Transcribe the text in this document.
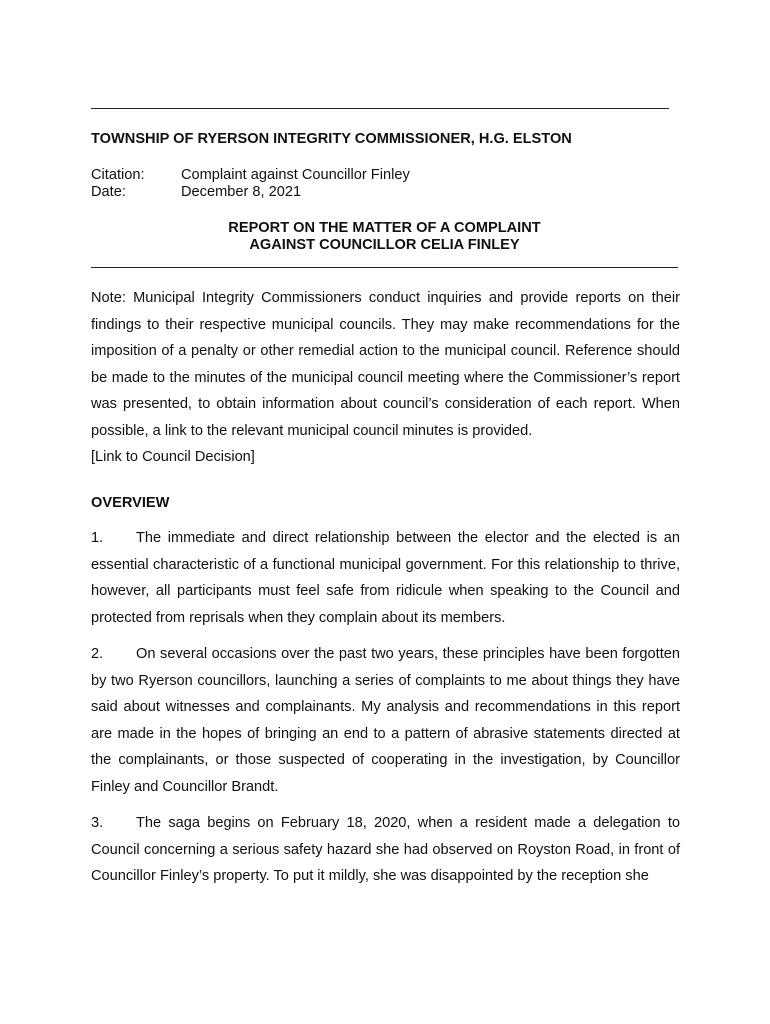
TOWNSHIP OF RYERSON INTEGRITY COMMISSIONER, H.G. ELSTON
Citation: Complaint against Councillor Finley
Date:	December 8, 2021
REPORT ON THE MATTER OF A COMPLAINT
AGAINST COUNCILLOR CELIA FINLEY
Note: Municipal Integrity Commissioners conduct inquiries and provide reports on their findings to their respective municipal councils. They may make recommendations for the imposition of a penalty or other remedial action to the municipal council. Reference should be made to the minutes of the municipal council meeting where the Commissioner’s report was presented, to obtain information about council’s consideration of each report. When possible, a link to the relevant municipal council minutes is provided.
[Link to Council Decision]
OVERVIEW
1. The immediate and direct relationship between the elector and the elected is an essential characteristic of a functional municipal government. For this relationship to thrive, however, all participants must feel safe from ridicule when speaking to the Council and protected from reprisals when they complain about its members.
2. On several occasions over the past two years, these principles have been forgotten by two Ryerson councillors, launching a series of complaints to me about things they have said about witnesses and complainants. My analysis and recommendations in this report are made in the hopes of bringing an end to a pattern of abrasive statements directed at the complainants, or those suspected of cooperating in the investigation, by Councillor Finley and Councillor Brandt.
3. The saga begins on February 18, 2020, when a resident made a delegation to Council concerning a serious safety hazard she had observed on Royston Road, in front of Councillor Finley’s property. To put it mildly, she was disappointed by the reception she
